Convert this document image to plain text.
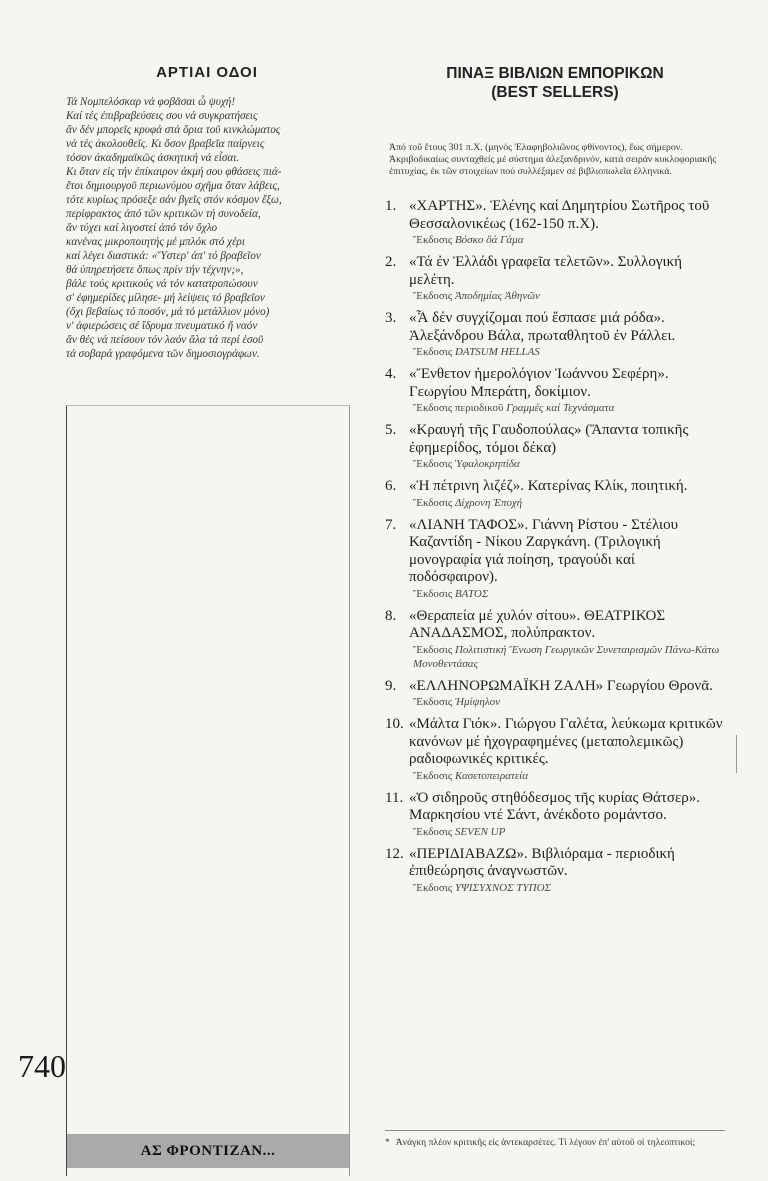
740
ΑΡΤΙΑΙ ΟΔΟΙ

Τά Νομπελόσκαρ νά φοβᾶσαι ὦ ψυχή!

Καί τές ἐπιβραβεύσεις σου νά συγκρατήσεις

ἄν δέν μπορεῖς κρυφά στά ὄρια τοῦ κινκλώματος

νά τές ἀκολουθεῖς. Κι ὅσον βραβεῖα παίρνεις

τόσον ἀκαδημαϊκῶς ἀσκητική νά εἶσαι.

Κι ὅταν εἰς τήν ἐπίκαιρον ἀκμή σου φθάσεις πιά-

ἔτοι δημιουργοῦ περιωνύμου σχῆμα ὅταν λάβεις,

τότε κυρίως πρόσεξε σάν βγεῖς στόν κόσμον ἔξω,

περίφρακτος ἀπό τῶν κριτικῶν τή συνοδεία,

ἄν τύχει καί λιγοστεί ἀπό τόν ὄχλο

κανένας μικροποιητής μέ μπλόκ στό χέρι

καί λέγει διαστικά: «Ὕστερ' ἀπ' τό βραβεῖον

θά ὑπηρετήσετε ὅπως πρίν τήν τέχνην;»,

βάλε τούς κριτικούς νά τόν κατατροπώσουν

σ' ἐφημερίδες μίλησε- μή λείψεις τό βραβεῖον

(ὄχι βεβαίως τό ποσόν, μά τό μετάλλιον μόνο)

ν' ἀφιερώσεις σέ ἵδρυμα πνευματικό ἤ ναόν

ἄν θές νά πείσουν τόν λαόν ἄλα τά περί ἑσοῦ

τά σοβαρά γραφόμενα τῶν δημοσιογράφων.

ΑΣ ΦΡΟΝΤΙΖΑΝ...
ΠΙΝΑΞ ΒΙΒΛΙΩΝ ΕΜΠΟΡΙΚΩΝ
(BEST SELLERS)

Ἀπό τοῦ ἔτους 301 π.Χ. (μηνός Ἐλαφηβολιῶνος φθίνοντος), ἕως σήμερον. Ἀκριβοδικαίως συνταχθείς μέ σύστημα ἀλεξανδρινόν, κατά σειράν κυκλοφοριακῆς ἐπιτυχίας, ἐκ τῶν στοιχείων πού συλλέξαμεν σέ βιβλιοπωλεῖα ἑλληνικά.

1. «ΧΑΡΤΗΣ». Ἑλένης καί Δημητρίου Σωτῆρος τοῦ Θεσσαλονικέως (162-150 π.Χ).
Ἔκδοσις Βόσκο ὅά Γάμα
2. «Τά ἐν Ἑλλάδι γραφεῖα τελετῶν». Συλλογική μελέτη.
Ἔκδοσις Ἀποδημίας Ἀθηνῶν
3. «Ἆ δέν συγχίζομαι πού ἔσπασε μιά ρόδα». Ἀλεξάνδρου Βάλα, πρωταθλητοῦ ἐν Ράλλει.
Ἔκδοσις DATSUM HELLAS
4. «Ἔνθετον ἡμερολόγιον Ἰωάννου Σεφέρη». Γεωργίου Μπεράτη, δοκίμιον.
Ἔκδοσις περιοδικοῦ Γραμμές καί Τεχνάσματα
5. «Κραυγή τῆς Γαυδοπούλας» (Ἅπαντα τοπικῆς ἐφημερίδος, τόμοι δέκα)
Ἔκδοσις Ὑφαλοκρηπίδα
6. «Ἡ πέτρινη λιζέζ». Κατερίνας Κλίκ, ποιητική.
Ἔκδοσις Δίχρονη Ἐποχή
7. «ΛΙΑΝΗ ΤΑΦΟΣ». Γιάννη Ρίστου - Στέλιου Καζαντίδη - Νίκου Ζαργκάνη. (Τριλογική μονογραφία γιά ποίηση, τραγούδι καί ποδόσφαιρον).
Ἔκδοσις ΒΑΤΟΣ
8. «Θεραπεία μέ χυλόν σίτου». ΘΕΑΤΡΙΚΟΣ ΑΝΑΔΑΣΜΟΣ, πολύπρακτον.
Ἔκδοσις Πολιτιστική Ἕνωση Γεωργικῶν Συνεταιρισμῶν Πάνω-Κάτω Μονοθεντάσας
9. «ΕΛΛΗΝΟΡΩΜΑΪΚΗ ΖΑΛΗ» Γεωργίου Θρονᾶ.
Ἔκδοσις Ἡμίψηλον
10. «Μάλτα Γιόκ». Γιώργου Γαλέτα, λεύκωμα κριτικῶν κανόνων μέ ἠχογραφημένες (μεταπολεμικῶς) ραδιοφωνικές κριτικές.
Ἔκδοσις Κασετοπειρατεία
11. «Ὁ σιδηροῦς στηθόδεσμος τῆς κυρίας Θάτσερ». Μαρκησίου ντέ Σάντ, ἀνέκδοτο ρομάντσο.
Ἔκδοσις SEVEN UP
12. «ΠΕΡΙΔΙΑΒΑΖΩ». Βιβλιόραμα - περιοδική ἐπιθεώρησις ἀναγνωστῶν.
Ἔκδοσις ΥΨΙΣΥΧΝΟΣ ΤΥΠΟΣ
* Ἀνάγκη πλέον κριτικῆς εἰς ἀντεκαρσέτες. Τί λέγουν ἐπ' αὐτοῦ οἱ τηλεοπτικοί;
